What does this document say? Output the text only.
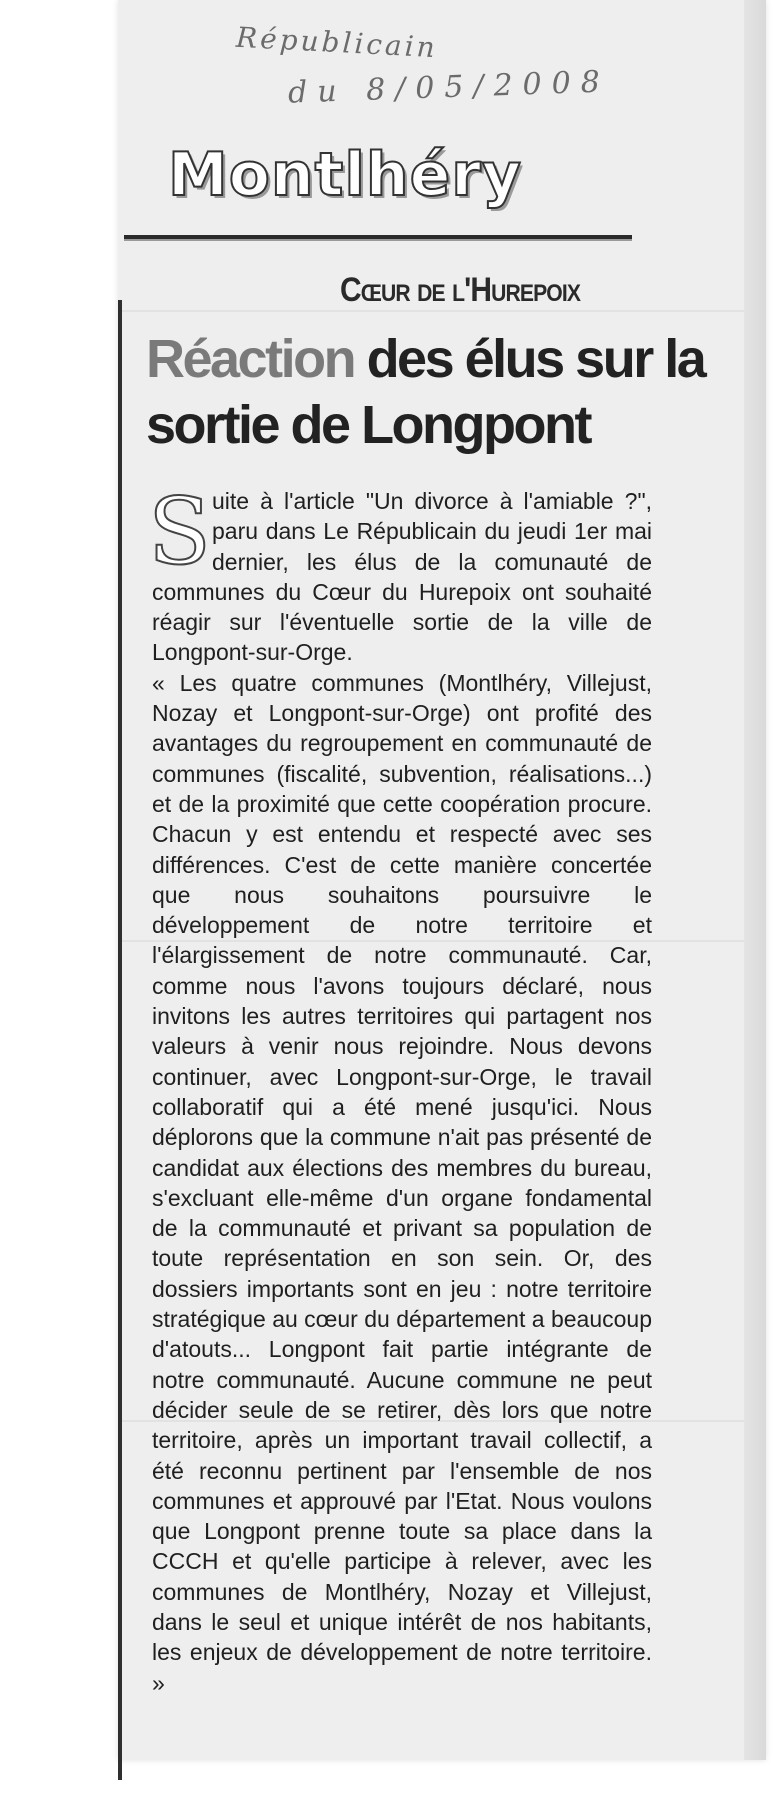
Républicain
du 8/05/2008
Montlhéry
Cœur de l'Hurepoix
Réaction des élus sur la sortie de Longpont

Suite à l'article "Un divorce à l'amiable ?", paru dans Le Républicain du jeudi 1er mai dernier, les élus de la comunauté de communes du Cœur du Hurepoix ont souhaité réagir sur l'éventuelle sortie de la ville de Longpont-sur-Orge.

« Les quatre communes (Montlhéry, Villejust, Nozay et Longpont-sur-Orge) ont profité des avantages du regroupement en communauté de communes (fiscalité, subvention, réalisations...) et de la proximité que cette coopération procure. Chacun y est entendu et respecté avec ses différences. C'est de cette manière concertée que nous souhaitons poursuivre le développement de notre territoire et l'élargissement de notre communauté. Car, comme nous l'avons toujours déclaré, nous invitons les autres territoires qui partagent nos valeurs à venir nous rejoindre. Nous devons continuer, avec Longpont-sur-Orge, le travail collaboratif qui a été mené jusqu'ici. Nous déplorons que la commune n'ait pas présenté de candidat aux élections des membres du bureau, s'excluant elle-même d'un organe fondamental de la communauté et privant sa population de toute représentation en son sein. Or, des dossiers importants sont en jeu : notre territoire stratégique au cœur du département a beaucoup d'atouts... Longpont fait partie intégrante de notre communauté. Aucune commune ne peut décider seule de se retirer, dès lors que notre territoire, après un important travail collectif, a été reconnu pertinent par l'ensemble de nos communes et approuvé par l'Etat. Nous voulons que Longpont prenne toute sa place dans la CCCH et qu'elle participe à relever, avec les communes de Montlhéry, Nozay et Villejust, dans le seul et unique intérêt de nos habitants, les enjeux de développement de notre territoire. »
